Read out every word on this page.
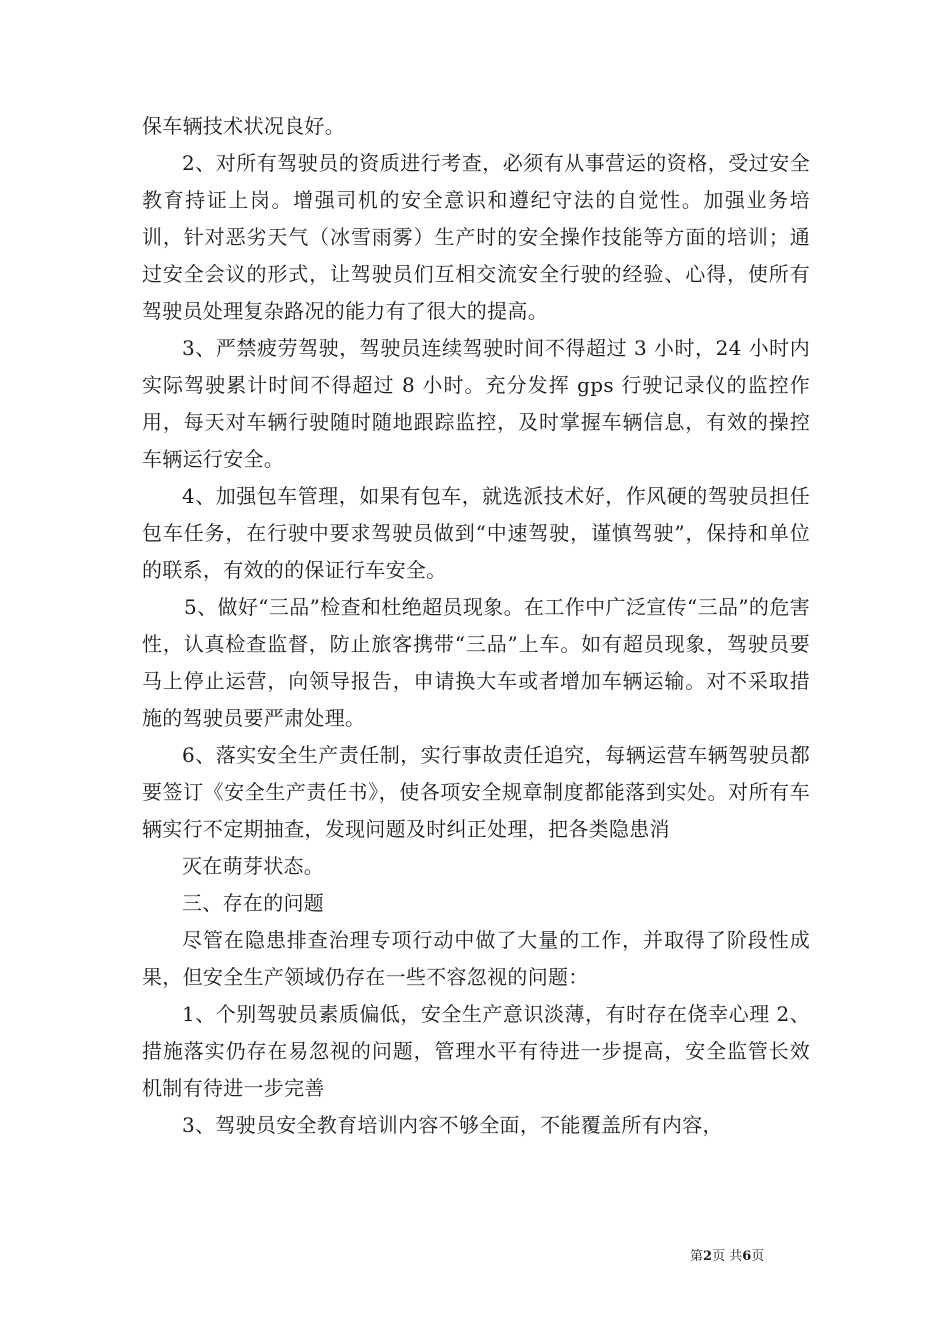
保车辆技术状况良好。

2、对所有驾驶员的资质进行考查，必须有从事营运的资格，受过安全教育持证上岗。增强司机的安全意识和遵纪守法的自觉性。加强业务培训，针对恶劣天气（冰雪雨雾）生产时的安全操作技能等方面的培训；通过安全会议的形式，让驾驶员们互相交流安全行驶的经验、心得，使所有驾驶员处理复杂路况的能力有了很大的提高。

3、严禁疲劳驾驶，驾驶员连续驾驶时间不得超过 3 小时，24 小时内实际驾驶累计时间不得超过 8 小时。充分发挥 gps 行驶记录仪的监控作用，每天对车辆行驶随时随地跟踪监控，及时掌握车辆信息，有效的操控车辆运行安全。

4、加强包车管理，如果有包车，就选派技术好，作风硬的驾驶员担任包车任务，在行驶中要求驾驶员做到“中速驾驶，谨慎驾驶”，保持和单位的联系，有效的的保证行车安全。

5、做好“三品”检查和杜绝超员现象。在工作中广泛宣传“三品”的危害性，认真检查监督，防止旅客携带“三品”上车。如有超员现象，驾驶员要马上停止运营，向领导报告，申请换大车或者增加车辆运输。对不采取措施的驾驶员要严肃处理。

6、落实安全生产责任制，实行事故责任追究，每辆运营车辆驾驶员都要签订《安全生产责任书》，使各项安全规章制度都能落到实处。对所有车辆实行不定期抽查，发现问题及时纠正处理，把各类隐患消

灭在萌芽状态。

三、存在的问题

尽管在隐患排查治理专项行动中做了大量的工作，并取得了阶段性成果，但安全生产领域仍存在一些不容忽视的问题：

1、个别驾驶员素质偏低，安全生产意识淡薄，有时存在侥幸心理 2、措施落实仍存在易忽视的问题，管理水平有待进一步提高，安全监管长效机制有待进一步完善

3、驾驶员安全教育培训内容不够全面，不能覆盖所有内容，

第2页 共6页
